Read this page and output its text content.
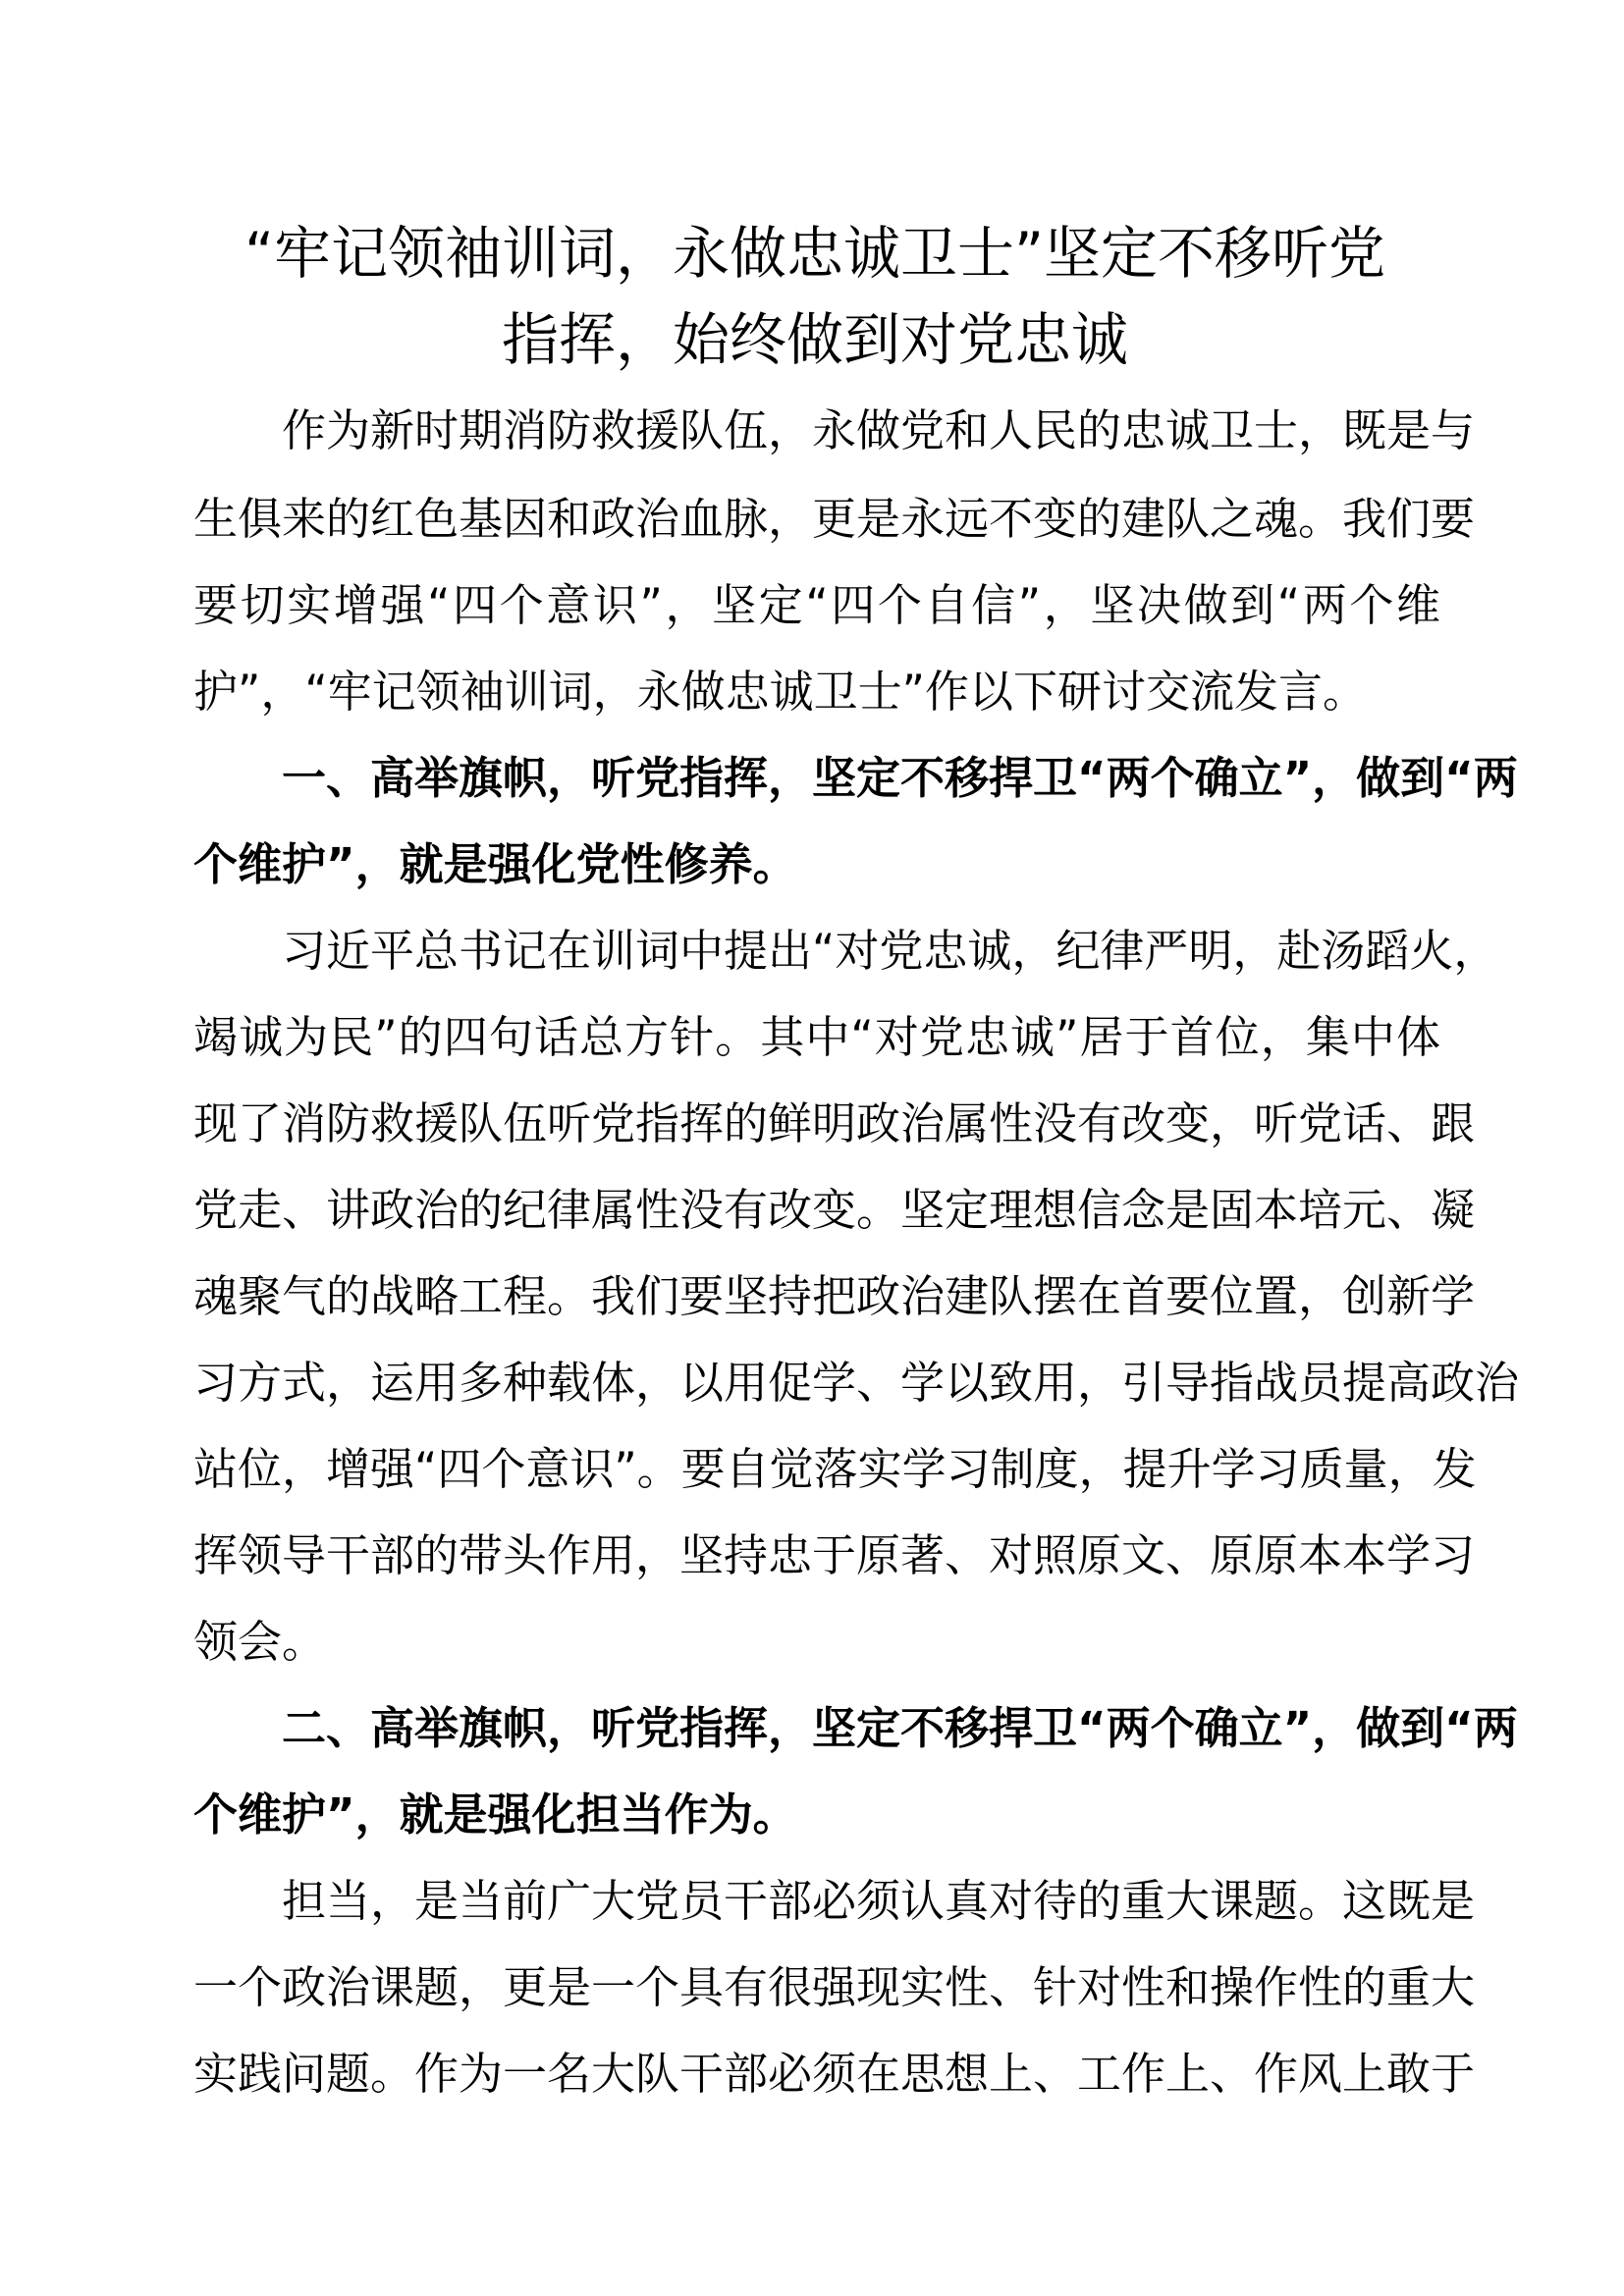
“牢记领袖训词，永做忠诚卫士”坚定不移听党
指挥，始终做到对党忠诚
作为新时期消防救援队伍，永做党和人民的忠诚卫士，既是与
生俱来的红色基因和政治血脉，更是永远不变的建队之魂。我们要
要切实增强“四个意识”，坚定“四个自信”，坚决做到“两个维
护”，“牢记领袖训词，永做忠诚卫士”作以下研讨交流发言。
一、高举旗帜，听党指挥，坚定不移捍卫“两个确立”，做到“两
个维护”，就是强化党性修养。
习近平总书记在训词中提出“对党忠诚，纪律严明，赴汤蹈火，
竭诚为民”的四句话总方针。其中“对党忠诚”居于首位，集中体
现了消防救援队伍听党指挥的鲜明政治属性没有改变，听党话、跟
党走、讲政治的纪律属性没有改变。坚定理想信念是固本培元、凝
魂聚气的战略工程。我们要坚持把政治建队摆在首要位置，创新学
习方式，运用多种载体，以用促学、学以致用，引导指战员提高政治
站位，增强“四个意识”。要自觉落实学习制度，提升学习质量，发
挥领导干部的带头作用，坚持忠于原著、对照原文、原原本本学习
领会。
二、高举旗帜，听党指挥，坚定不移捍卫“两个确立”，做到“两
个维护”，就是强化担当作为。
担当，是当前广大党员干部必须认真对待的重大课题。这既是
一个政治课题，更是一个具有很强现实性、针对性和操作性的重大
实践问题。作为一名大队干部必须在思想上、工作上、作风上敢于
